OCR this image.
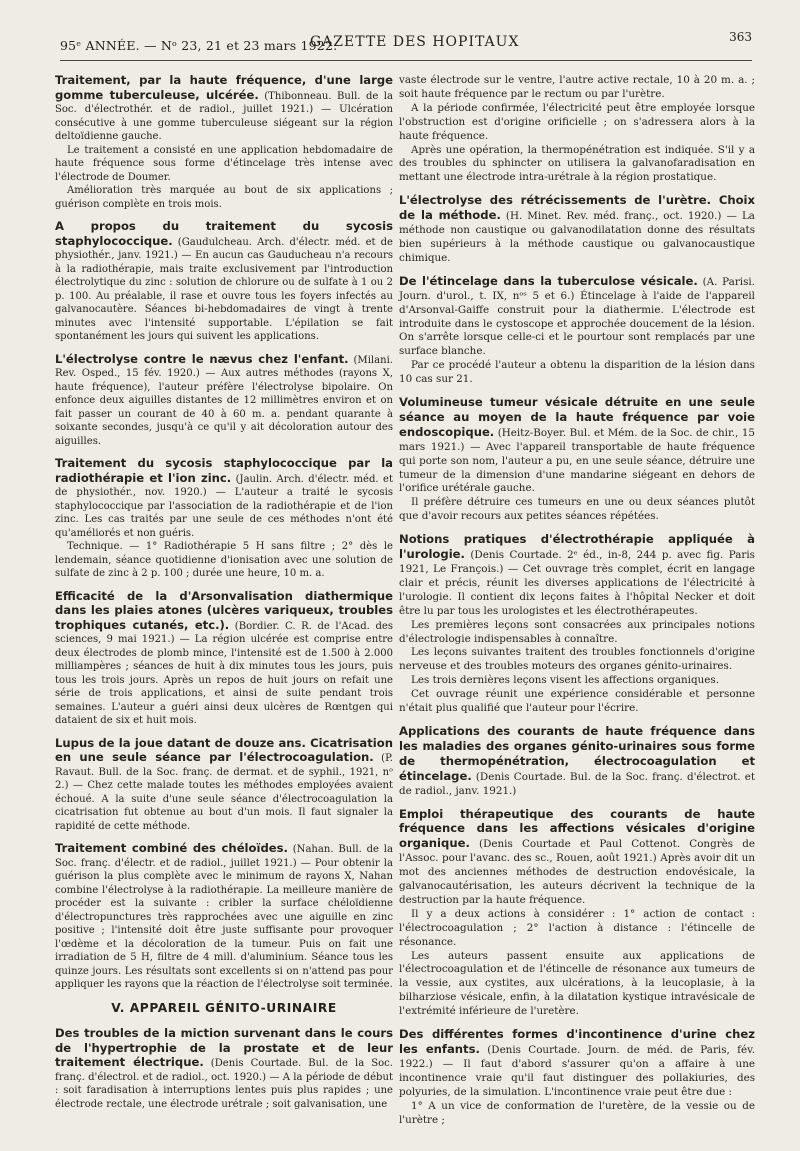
95ᵉ ANNÉE. — Nᵒ 23, 21 et 23 mars 1922.
GAZETTE DES HOPITAUX	363

Traitement, par la haute fréquence, d'une large gomme tuberculeuse, ulcérée. (Thibonneau. Bull. de la Soc. d'électrothér. et de radiol., juillet 1921.) — Ulcération consécutive à une gomme tuberculeuse siégeant sur la région deltoïdienne gauche.

Le traitement a consisté en une application hebdomadaire de haute fréquence sous forme d'étincelage très intense avec l'électrode de Doumer.

Amélioration très marquée au bout de six applications ; guérison complète en trois mois.

A propos du traitement du sycosis staphylococcique. (Gaudulcheau. Arch. d'électr. méd. et de physiothér., janv. 1921.) — En aucun cas Gauducheau n'a recours à la radiothérapie, mais traite exclusivement par l'introduction électrolytique du zinc : solution de chlorure ou de sulfate à 1 ou 2 p. 100. Au préalable, il rase et ouvre tous les foyers infectés au galvanocautère. Séances bi-hebdomadaires de vingt à trente minutes avec l'intensité supportable. L'épilation se fait spontanément les jours qui suivent les applications.

L'électrolyse contre le nævus chez l'enfant. (Milani. Rev. Osped., 15 fév. 1920.) — Aux autres méthodes (rayons X, haute fréquence), l'auteur préfère l'électrolyse bipolaire. On enfonce deux aiguilles distantes de 12 millimètres environ et on fait passer un courant de 40 à 60 m. a. pendant quarante à soixante secondes, jusqu'à ce qu'il y ait décoloration autour des aiguilles.

Traitement du sycosis staphylococcique par la radiothérapie et l'ion zinc. (Jaulin. Arch. d'électr. méd. et de physiothér., nov. 1920.) — L'auteur a traité le sycosis staphylococcique par l'association de la radiothérapie et de l'ion zinc. Les cas traités par une seule de ces méthodes n'ont été qu'améliorés et non guéris.

Technique. — 1° Radiothérapie 5 H sans filtre ; 2° dès le lendemain, séance quotidienne d'ionisation avec une solution de sulfate de zinc à 2 p. 100 ; durée une heure, 10 m. a.

Efficacité de la d'Arsonvalisation diathermique dans les plaies atones (ulcères variqueux, troubles trophiques cutanés, etc.). (Bordier. C. R. de l'Acad. des sciences, 9 mai 1921.) — La région ulcérée est comprise entre deux électrodes de plomb mince, l'intensité est de 1.500 à 2.000 milliampères ; séances de huit à dix minutes tous les jours, puis tous les trois jours. Après un repos de huit jours on refait une série de trois applications, et ainsi de suite pendant trois semaines. L'auteur a guéri ainsi deux ulcères de Rœntgen qui dataient de six et huit mois.

Lupus de la joue datant de douze ans. Cicatrisation en une seule séance par l'électrocoagulation. (P. Ravaut. Bull. de la Soc. franç. de dermat. et de syphil., 1921, nᵒ 2.) — Chez cette malade toutes les méthodes employées avaient échoué. A la suite d'une seule séance d'électrocoagulation la cicatrisation fut obtenue au bout d'un mois. Il faut signaler la rapidité de cette méthode.

Traitement combiné des chéloïdes. (Nahan. Bull. de la Soc. franç. d'électr. et de radiol., juillet 1921.) — Pour obtenir la guérison la plus complète avec le minimum de rayons X, Nahan combine l'électrolyse à la radiothérapie. La meilleure manière de procéder est la suivante : cribler la surface chéloïdienne d'électropunctures très rapprochées avec une aiguille en zinc positive ; l'intensité doit être juste suffisante pour provoquer l'œdème et la décoloration de la tumeur. Puis on fait une irradiation de 5 H, filtre de 4 mill. d'aluminium. Séance tous les quinze jours. Les résultats sont excellents si on n'attend pas pour appliquer les rayons que la réaction de l'électrolyse soit terminée.

V. APPAREIL GÉNITO-URINAIRE

Des troubles de la miction survenant dans le cours de l'hypertrophie de la prostate et de leur traitement électrique. (Denis Courtade. Bul. de la Soc. franç. d'électrol. et de radiol., oct. 1920.) — A la période de début : soit faradisation à interruptions lentes puis plus rapides ; une électrode rectale, une électrode urétrale ; soit galvanisation, une

vaste électrode sur le ventre, l'autre active rectale, 10 à 20 m. a. ; soit haute fréquence par le rectum ou par l'urètre.

A la période confirmée, l'électricité peut être employée lorsque l'obstruction est d'origine orificielle ; on s'adressera alors à la haute fréquence.

Après une opération, la thermopénétration est indiquée. S'il y a des troubles du sphincter on utilisera la galvanofaradisation en mettant une électrode intra-urétrale à la région prostatique.

L'électrolyse des rétrécissements de l'urètre. Choix de la méthode. (H. Minet. Rev. méd. franç., oct. 1920.) — La méthode non caustique ou galvanodilatation donne des résultats bien supérieurs à la méthode caustique ou galvanocaustique chimique.

De l'étincelage dans la tuberculose vésicale. (A. Parisi. Journ. d'urol., t. IX, nᵒˢ 5 et 6.) Étincelage à l'aide de l'appareil d'Arsonval-Gaiffe construit pour la diathermie. L'électrode est introduite dans le cystoscope et approchée doucement de la lésion. On s'arrête lorsque celle-ci et le pourtour sont remplacés par une surface blanche.

Par ce procédé l'auteur a obtenu la disparition de la lésion dans 10 cas sur 21.

Volumineuse tumeur vésicale détruite en une seule séance au moyen de la haute fréquence par voie endoscopique. (Heitz-Boyer. Bul. et Mém. de la Soc. de chir., 15 mars 1921.) — Avec l'appareil transportable de haute fréquence qui porte son nom, l'auteur a pu, en une seule séance, détruire une tumeur de la dimension d'une mandarine siégeant en dehors de l'orifice urétérale gauche.

Il préfère détruire ces tumeurs en une ou deux séances plutôt que d'avoir recours aux petites séances répétées.

Notions pratiques d'électrothérapie appliquée à l'urologie. (Denis Courtade. 2ᵉ éd., in-8, 244 p. avec fig. Paris 1921, Le François.) — Cet ouvrage très complet, écrit en langage clair et précis, réunit les diverses applications de l'électricité à l'urologie. Il contient dix leçons faites à l'hôpital Necker et doit être lu par tous les urologistes et les électrothérapeutes.

Les premières leçons sont consacrées aux principales notions d'électrologie indispensables à connaître.

Les leçons suivantes traitent des troubles fonctionnels d'origine nerveuse et des troubles moteurs des organes génito-urinaires.

Les trois dernières leçons visent les affections organiques.

Cet ouvrage réunit une expérience considérable et personne n'était plus qualifié que l'auteur pour l'écrire.

Applications des courants de haute fréquence dans les maladies des organes génito-urinaires sous forme de thermopénétration, électrocoagulation et étincelage. (Denis Courtade. Bul. de la Soc. franç. d'électrot. et de radiol., janv. 1921.)

Emploi thérapeutique des courants de haute fréquence dans les affections vésicales d'origine organique. (Denis Courtade et Paul Cottenot. Congrès de l'Assoc. pour l'avanc. des sc., Rouen, août 1921.) Après avoir dit un mot des anciennes méthodes de destruction endovésicale, la galvanocautérisation, les auteurs décrivent la technique de la destruction par la haute fréquence.

Il y a deux actions à considérer : 1° action de contact : l'électrocoagulation ; 2° l'action à distance : l'étincelle de résonance.

Les auteurs passent ensuite aux applications de l'électrocoagulation et de l'étincelle de résonance aux tumeurs de la vessie, aux cystites, aux ulcérations, à la leucoplasie, à la bilharziose vésicale, enfin, à la dilatation kystique intravésicale de l'extrémité inférieure de l'uretère.

Des différentes formes d'incontinence d'urine chez les enfants. (Denis Courtade. Journ. de méd. de Paris, fév. 1922.) — Il faut d'abord s'assurer qu'on a affaire à une incontinence vraie qu'il faut distinguer des pollakiuries, des polyuries, de la simulation. L'incontinence vraie peut être due :

1° A un vice de conformation de l'uretère, de la vessie ou de l'urètre ;
